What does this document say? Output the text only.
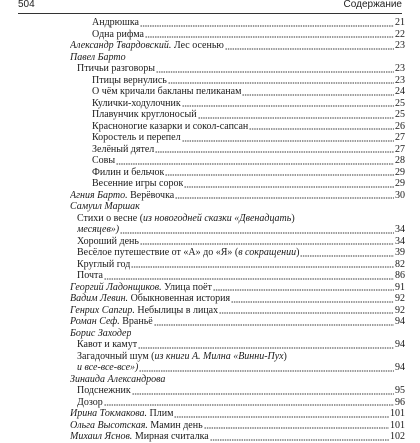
504	Содержание
Андрюшка	21
Одна рифма	22
Александр Твардовский. Лес осенью	23
Павел Барто
Птичьи разговоры	23
Птицы вернулись	23
О чём кричали бакланы пеликанам	24
Кулички-ходулочник	25
Плавунчик круглоносый	25
Красноногие казарки и сокол-сапсан	26
Коросте́ль и пе́репел	27
Зелёный дятел	27
Совы	28
Филин и бельчок	29
Весенние игры сорок	29
Агния Барто. Верёвочка	30
Самуил Маршак
Стихи о весне (из новогодней сказки «Двенадцать)
месяцев»)	34
Хороший день	34
Весёлое путешествие от «А» до «Я» (в сокращении)	39
Круглый год	82
Почта	86
Георгий Ладонщиков. Улица поёт	91
Вадим Левин. Обыкновенная история	92
Генрих Сапгир. Небылицы в лицах	92
Роман Сеф. Враньё	94
Борис Заходер
Кавот и камут	94
Загадочный шум (из книги А. Милна «Винни-Пух)
и все-все-все»)	94
Зинаида Александрова
Подснежник	95
Дозор	96
Ирина Токмакова. Плим	101
Ольга Высотская. Мамин день	101
Михаил Яснов. Мирная считалка	102
